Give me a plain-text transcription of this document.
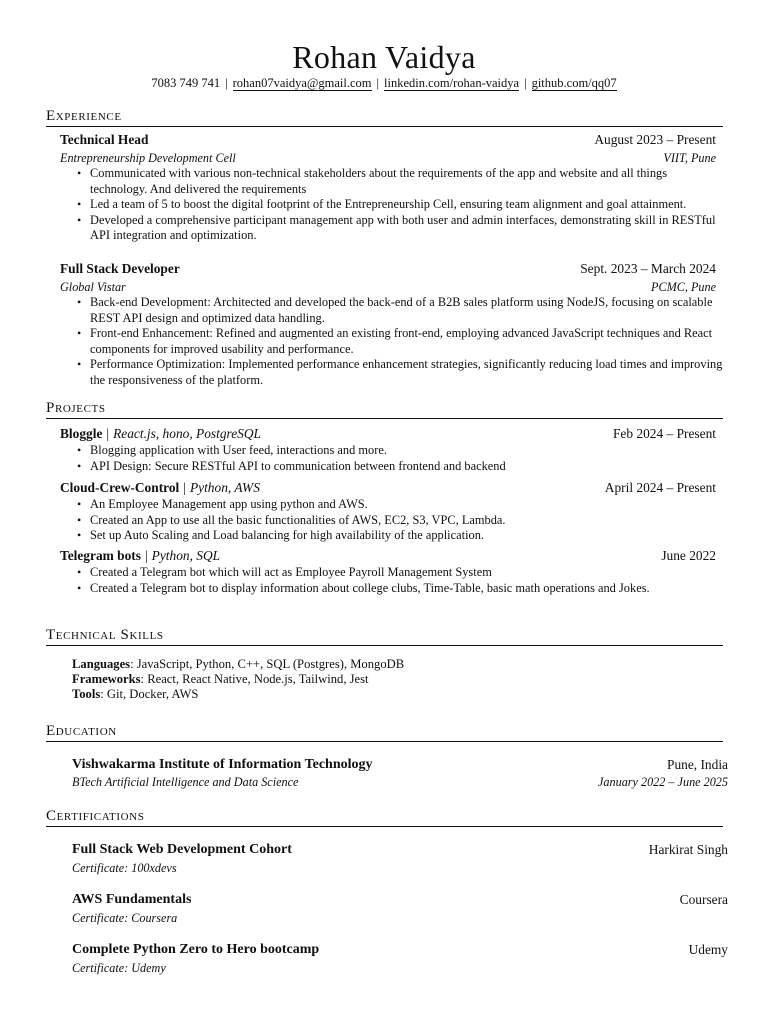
Rohan Vaidya
7083 749 741 | rohan07vaidya@gmail.com | linkedin.com/rohan-vaidya | github.com/qq07
Experience
Technical Head	August 2023 – Present
Entrepreneurship Development Cell	VIIT, Pune
• Communicated with various non-technical stakeholders about the requirements of the app and website and all things technology. And delivered the requirements
• Led a team of 5 to boost the digital footprint of the Entrepreneurship Cell, ensuring team alignment and goal attainment.
• Developed a comprehensive participant management app with both user and admin interfaces, demonstrating skill in RESTful API integration and optimization.
Full Stack Developer	Sept. 2023 – March 2024
Global Vistar	PCMC, Pune
• Back-end Development: Architected and developed the back-end of a B2B sales platform using NodeJS, focusing on scalable REST API design and optimized data handling.
• Front-end Enhancement: Refined and augmented an existing front-end, employing advanced JavaScript techniques and React components for improved usability and performance.
• Performance Optimization: Implemented performance enhancement strategies, significantly reducing load times and improving the responsiveness of the platform.
Projects
Bloggle | React.js, hono, PostgreSQL	Feb 2024 – Present
• Blogging application with User feed, interactions and more.
• API Design: Secure RESTful API to communication between frontend and backend
Cloud-Crew-Control | Python, AWS	April 2024 – Present
• An Employee Management app using python and AWS.
• Created an App to use all the basic functionalities of AWS, EC2, S3, VPC, Lambda.
• Set up Auto Scaling and Load balancing for high availability of the application.
Telegram bots | Python, SQL	June 2022
• Created a Telegram bot which will act as Employee Payroll Management System
• Created a Telegram bot to display information about college clubs, Time-Table, basic math operations and Jokes.
Technical Skills
Languages: JavaScript, Python, C++, SQL (Postgres), MongoDB
Frameworks: React, React Native, Node.js, Tailwind, Jest
Tools: Git, Docker, AWS
Education
Vishwakarma Institute of Information Technology	Pune, India
BTech Artificial Intelligence and Data Science	January 2022 – June 2025
Certifications
Full Stack Web Development Cohort	Harkirat Singh
Certificate: 100xdevs
AWS Fundamentals	Coursera
Certificate: Coursera
Complete Python Zero to Hero bootcamp	Udemy
Certificate: Udemy
